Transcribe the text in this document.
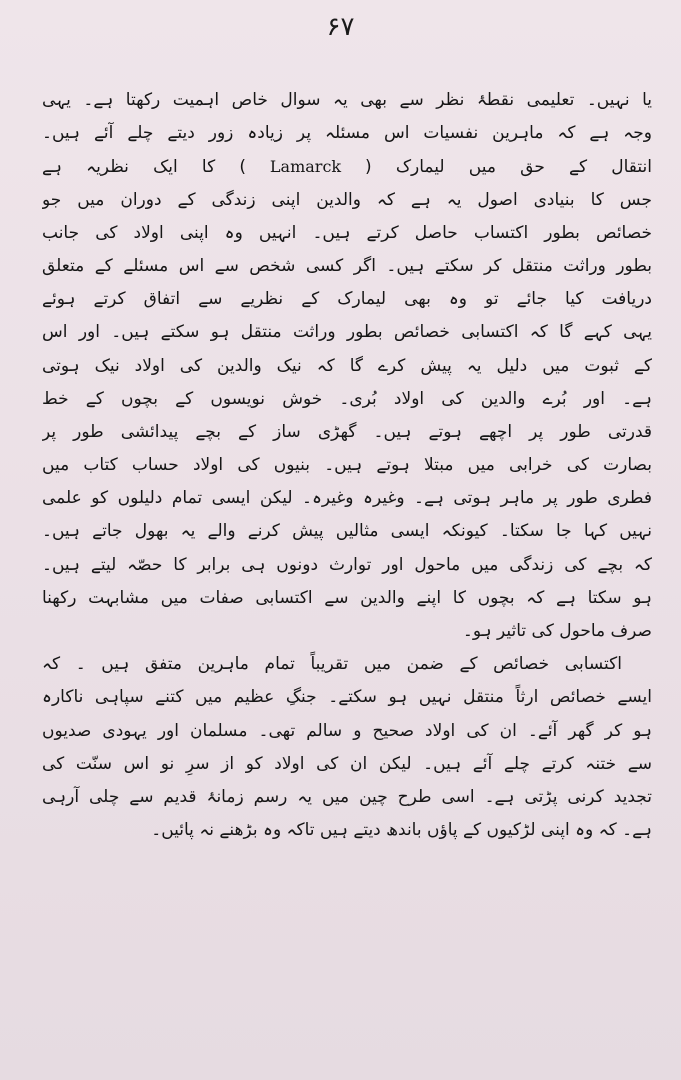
۶۷
یا نہیں۔ تعلیمی نقطۂ نظر سے بھی یہ سوال خاص اہمیت رکھتا ہے۔ یہی
وجہ ہے کہ ماہرین نفسیات اس مسئلہ پر زیادہ زور دیتے چلے آئے ہیں۔
انتقال کے حق میں لیمارک ( Lamarck ) کا ایک نظریہ ہے
جس کا بنیادی اصول یہ ہے کہ والدین اپنی زندگی کے دوران میں جو
خصائص بطور اکتساب حاصل کرتے ہیں۔ انہیں وہ اپنی اولاد کی جانب
بطور وراثت منتقل کر سکتے ہیں۔ اگر کسی شخص سے اس مسئلے کے متعلق
دریافت کیا جائے تو وہ بھی لیمارک کے نظریے سے اتفاق کرتے ہوئے
یہی کہے گا کہ اکتسابی خصائص بطور وراثت منتقل ہو سکتے ہیں۔ اور اس
کے ثبوت میں دلیل یہ پیش کرے گا کہ نیک والدین کی اولاد نیک ہوتی
ہے۔ اور بُرے والدین کی اولاد بُری۔ خوش نویسوں کے بچوں کے خط
قدرتی طور پر اچھے ہوتے ہیں۔ گھڑی ساز کے بچے پیدائشی طور پر
بصارت کی خرابی میں مبتلا ہوتے ہیں۔ بنیوں کی اولاد حساب کتاب میں
فطری طور پر ماہر ہوتی ہے۔ وغیرہ وغیرہ۔ لیکن ایسی تمام دلیلوں کو علمی
نہیں کہا جا سکتا۔ کیونکہ ایسی مثالیں پیش کرنے والے یہ بھول جاتے ہیں۔
کہ بچے کی زندگی میں ماحول اور توارث دونوں ہی برابر کا حصّہ لیتے ہیں۔
ہو سکتا ہے کہ بچوں کا اپنے والدین سے اکتسابی صفات میں مشابہت رکھنا
صرف ماحول کی تاثیر ہو۔
اکتسابی خصائص کے ضمن میں تقریباً تمام ماہرین متفق ہیں ۔ کہ
ایسے خصائص ارثاً منتقل نہیں ہو سکتے۔ جنگِ عظیم میں کتنے سپاہی ناکارہ
ہو کر گھر آئے۔ ان کی اولاد صحیح و سالم تھی۔ مسلمان اور یہودی صدیوں
سے ختنہ کرتے چلے آئے ہیں۔ لیکن ان کی اولاد کو از سرِ نو اس سنّت کی
تجدید کرنی پڑتی ہے۔ اسی طرح چین میں یہ رسم زمانۂ قدیم سے چلی آرہی
ہے۔ کہ وہ اپنی لڑکیوں کے پاؤں باندھ دیتے ہیں تاکہ وہ بڑھنے نہ پائیں۔
